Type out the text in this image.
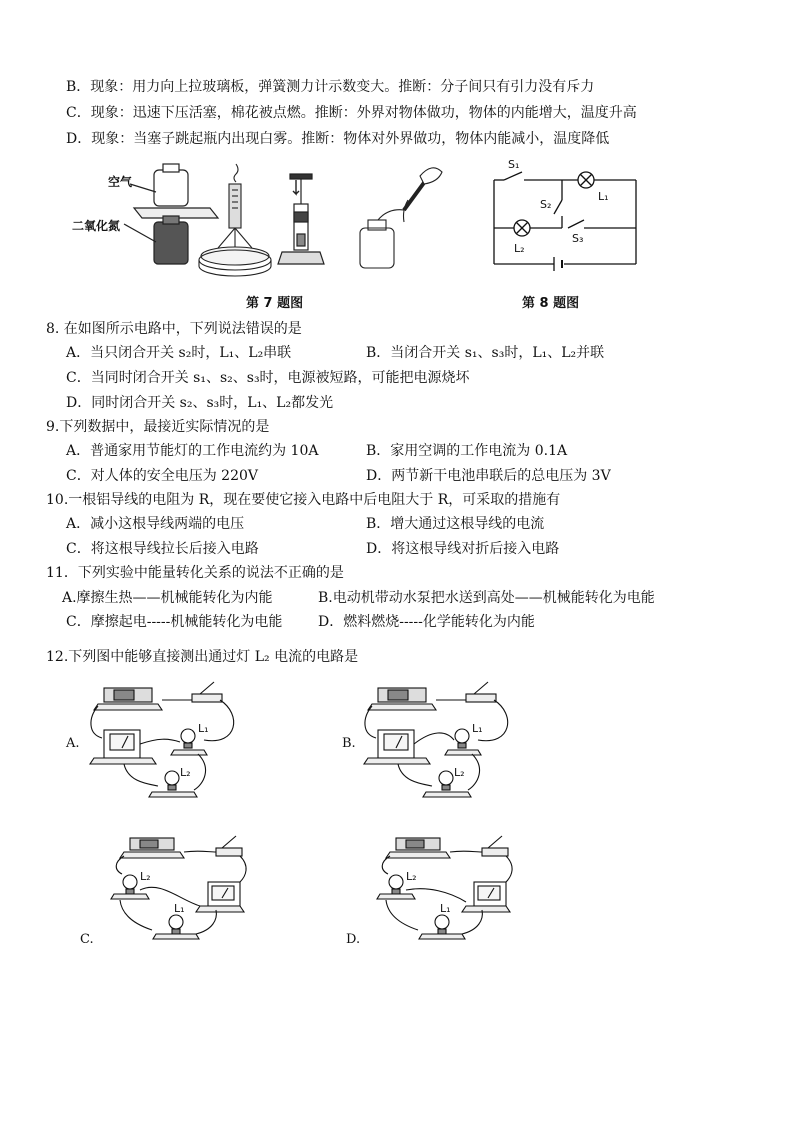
B．现象：用力向上拉玻璃板，弹簧测力计示数变大。推断：分子间只有引力没有斥力
C．现象：迅速下压活塞，棉花被点燃。推断：外界对物体做功，物体的内能增大，温度升高
D．现象：当塞子跳起瓶内出现白雾。推断：物体对外界做功，物体内能减小，温度降低
空气
二氧化氮
S₁
S₂
L₁
L₂
S₃
第 7 题图	第 8 题图
8. 在如图所示电路中，下列说法错误的是
A．当只闭合开关 s₂时，L₁、L₂串联	B．当闭合开关 s₁、s₃时，L₁、L₂并联
C．当同时闭合开关 s₁、s₂、s₃时，电源被短路，可能把电源烧坏
D．同时闭合开关 s₂、s₃时，L₁、L₂都发光
9.下列数据中，最接近实际情况的是
A．普通家用节能灯的工作电流约为 10A	B．家用空调的工作电流为 0.1A
C．对人体的安全电压为 220V	D．两节新干电池串联后的总电压为 3V
10.一根铝导线的电阻为 R，现在要使它接入电路中后电阻大于 R，可采取的措施有
A．减小这根导线两端的电压	B．增大通过这根导线的电流
C．将这根导线拉长后接入电路	D．将这根导线对折后接入电路
11．下列实验中能量转化关系的说法不正确的是
A.摩擦生热——机械能转化为内能	B.电动机带动水泵把水送到高处——机械能转化为电能
C．摩擦起电-----机械能转化为电能	D．燃料燃烧-----化学能转化为内能
12.下列图中能够直接测出通过灯 L₂ 电流的电路是
A.	B.
C.	D.
L₁
L₂
L₁
L₂
L₂
L₁
L₂
L₁
